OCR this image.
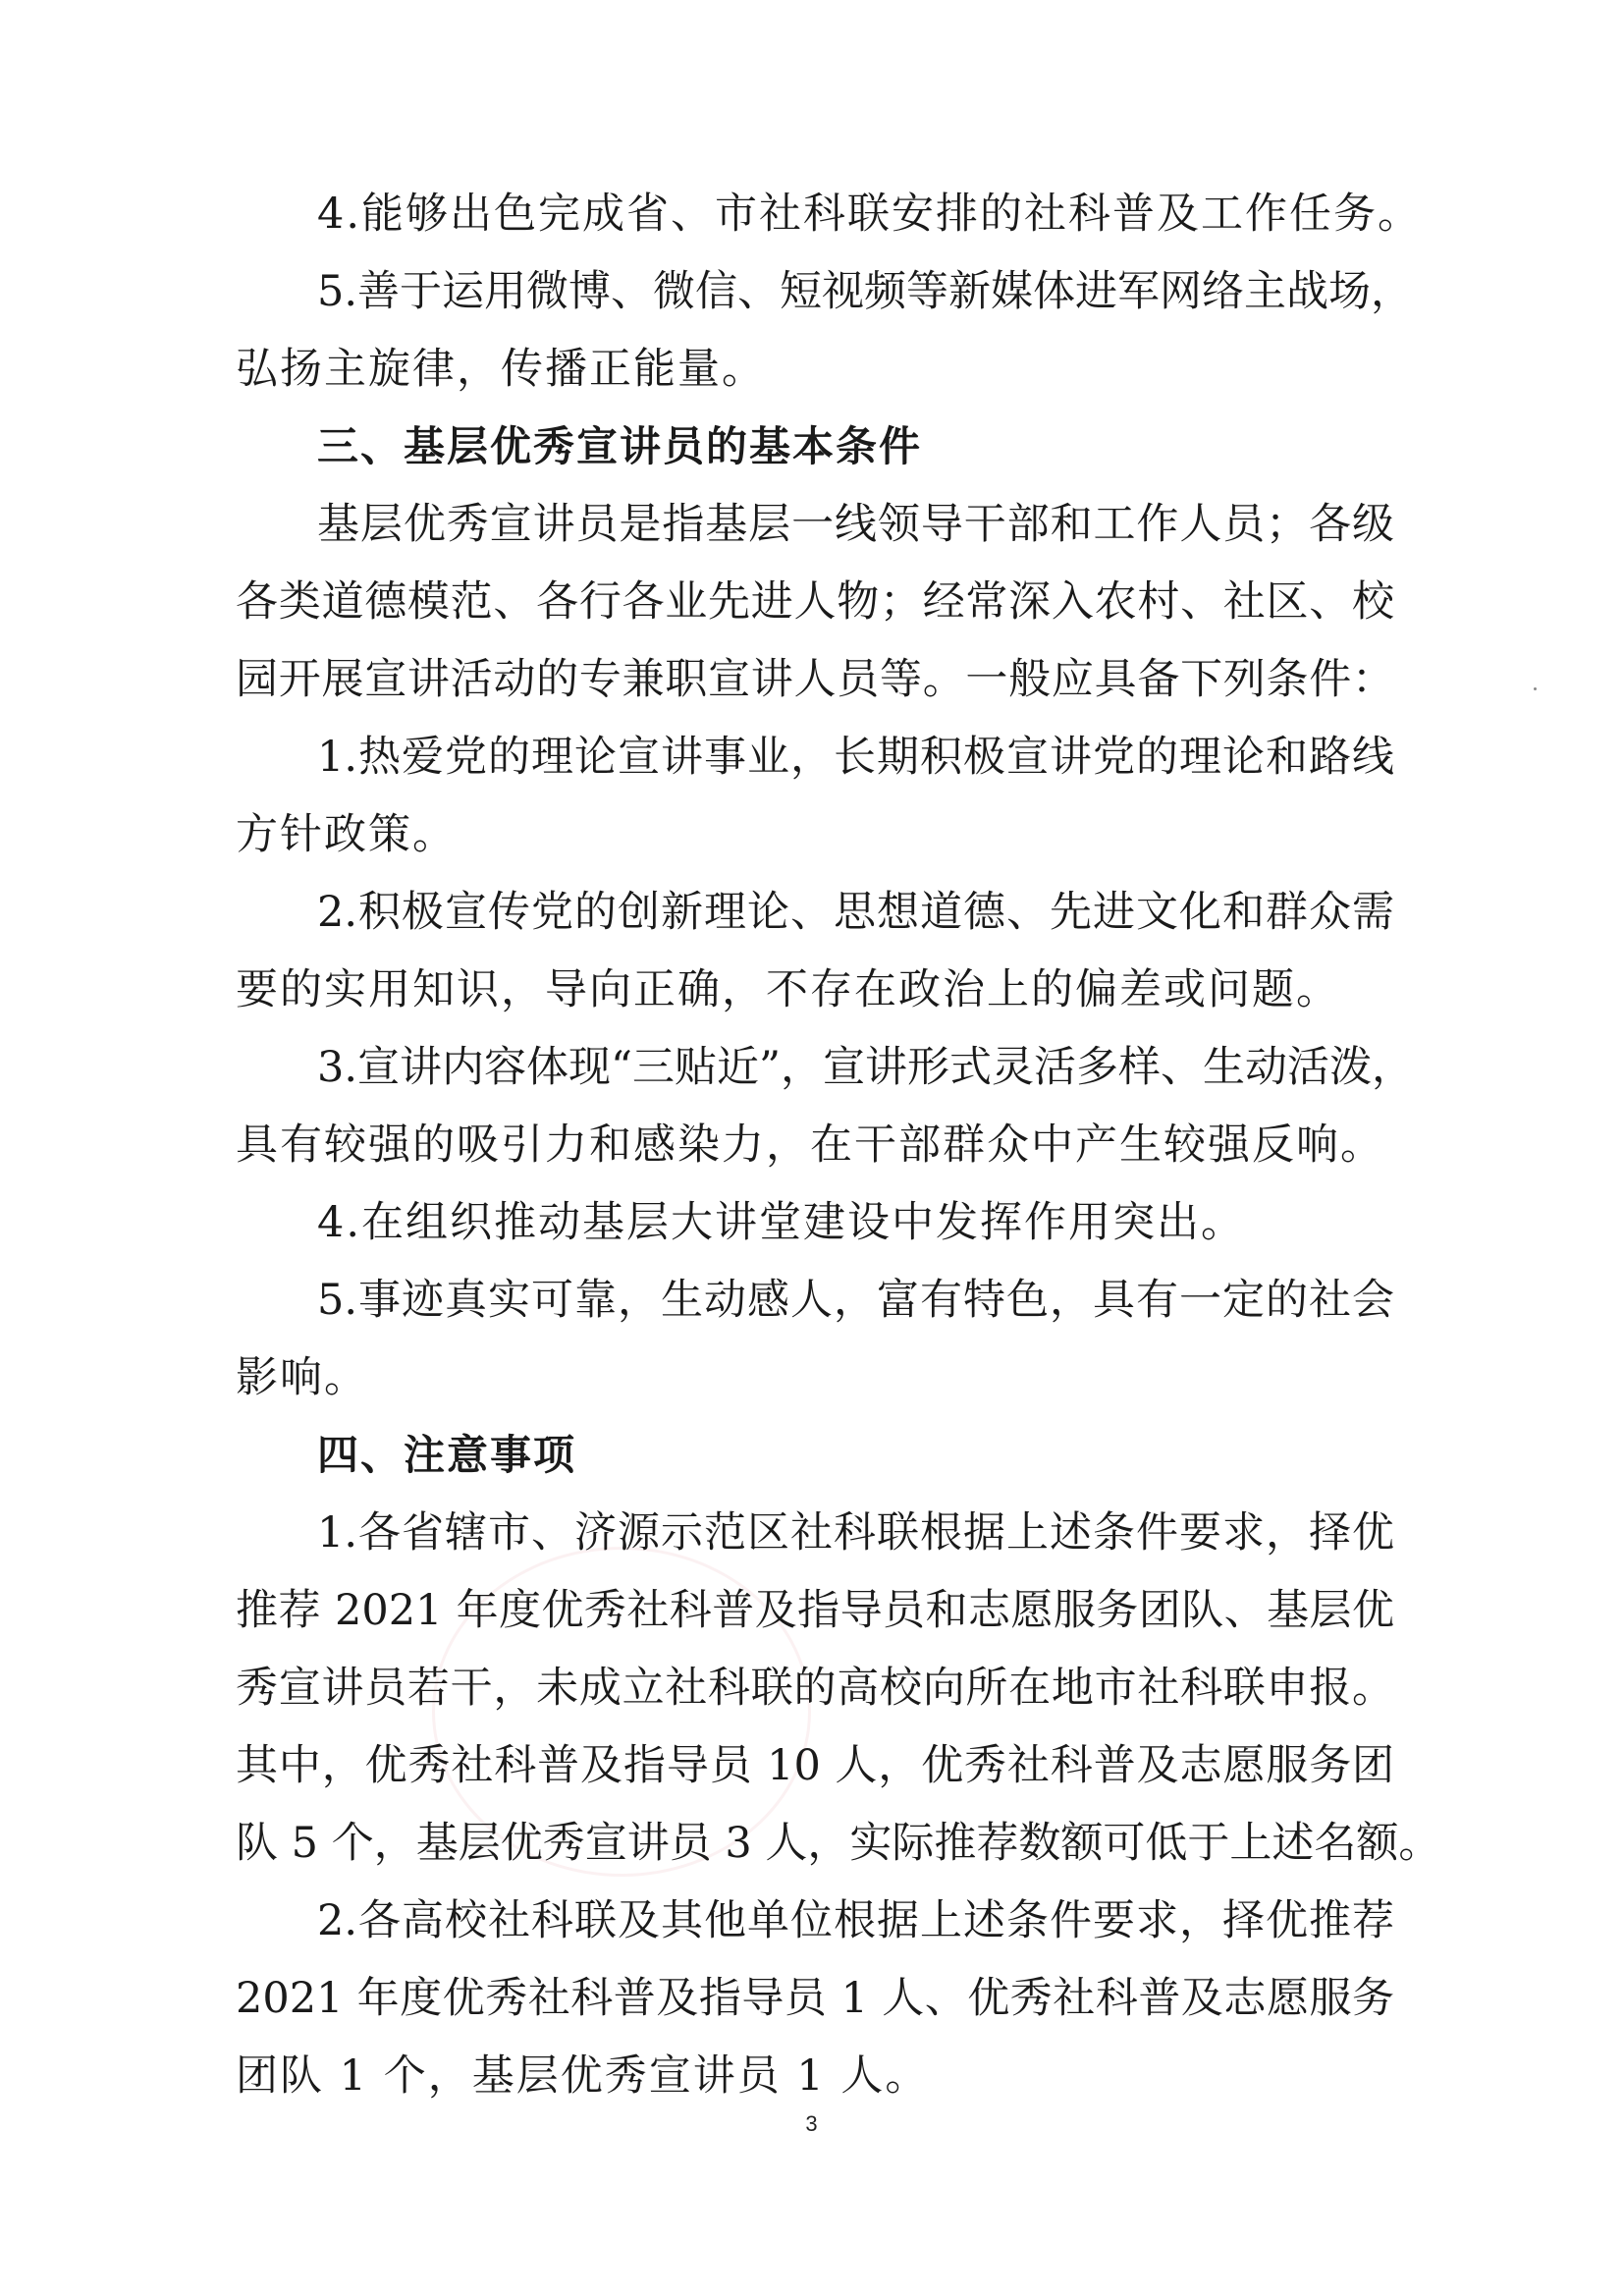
4.能够出色完成省、市社科联安排的社科普及工作任务。
5.善于运用微博、微信、短视频等新媒体进军网络主战场，
弘扬主旋律，传播正能量。
三、基层优秀宣讲员的基本条件
基层优秀宣讲员是指基层一线领导干部和工作人员；各级
各类道德模范、各行各业先进人物；经常深入农村、社区、校
园开展宣讲活动的专兼职宣讲人员等。一般应具备下列条件：
1.热爱党的理论宣讲事业，长期积极宣讲党的理论和路线
方针政策。
2.积极宣传党的创新理论、思想道德、先进文化和群众需
要的实用知识，导向正确，不存在政治上的偏差或问题。
3.宣讲内容体现“三贴近”，宣讲形式灵活多样、生动活泼，
具有较强的吸引力和感染力，在干部群众中产生较强反响。
4.在组织推动基层大讲堂建设中发挥作用突出。
5.事迹真实可靠，生动感人，富有特色，具有一定的社会
影响。
四、注意事项
1.各省辖市、济源示范区社科联根据上述条件要求，择优
推荐 2021 年度优秀社科普及指导员和志愿服务团队、基层优
秀宣讲员若干，未成立社科联的高校向所在地市社科联申报。
其中，优秀社科普及指导员 10 人，优秀社科普及志愿服务团
队 5 个，基层优秀宣讲员 3 人，实际推荐数额可低于上述名额。
2.各高校社科联及其他单位根据上述条件要求，择优推荐
2021 年度优秀社科普及指导员 1 人、优秀社科普及志愿服务
团队 1 个，基层优秀宣讲员 1 人。
3
